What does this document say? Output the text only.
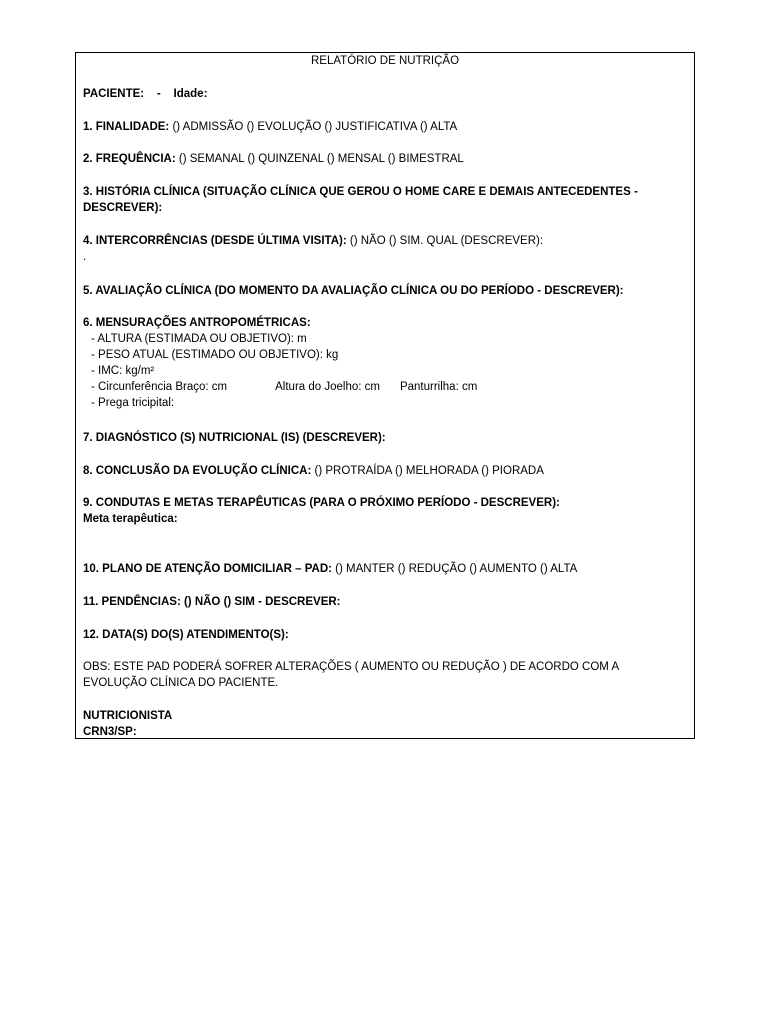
RELATÓRIO DE NUTRIÇÃO
PACIENTE: - Idade:
1. FINALIDADE: () ADMISSÃO () EVOLUÇÃO () JUSTIFICATIVA () ALTA
2. FREQUÊNCIA: () SEMANAL () QUINZENAL () MENSAL () BIMESTRAL
3. HISTÓRIA CLÍNICA (SITUAÇÃO CLÍNICA QUE GEROU O HOME CARE E DEMAIS ANTECEDENTES -
DESCREVER):
4. INTERCORRÊNCIAS (DESDE ÚLTIMA VISITA): () NÃO () SIM. QUAL (DESCREVER):
.
5. AVALIAÇÃO CLÍNICA (DO MOMENTO DA AVALIAÇÃO CLÍNICA OU DO PERÍODO - DESCREVER):
6. MENSURAÇÕES ANTROPOMÉTRICAS:
- ALTURA (ESTIMADA OU OBJETIVO): m
- PESO ATUAL (ESTIMADO OU OBJETIVO): kg
- IMC: kg/m²
- Circunferência Braço: cm	Altura do Joelho: cm Panturrilha: cm
- Prega tricipital:
7. DIAGNÓSTICO (S) NUTRICIONAL (IS) (DESCREVER):
8. CONCLUSÃO DA EVOLUÇÃO CLÍNICA: () PROTRAÍDA () MELHORADA () PIORADA
9. CONDUTAS E METAS TERAPÊUTICAS (PARA O PRÓXIMO PERÍODO - DESCREVER):
Meta terapêutica:
10. PLANO DE ATENÇÃO DOMICILIAR – PAD: () MANTER () REDUÇÃO () AUMENTO () ALTA
11. PENDÊNCIAS: () NÃO () SIM - DESCREVER:
12. DATA(S) DO(S) ATENDIMENTO(S):
OBS: ESTE PAD PODERÁ SOFRER ALTERAÇÕES ( AUMENTO OU REDUÇÃO ) DE ACORDO COM A
EVOLUÇÃO CLÍNICA DO PACIENTE.
NUTRICIONISTA
CRN3/SP:
